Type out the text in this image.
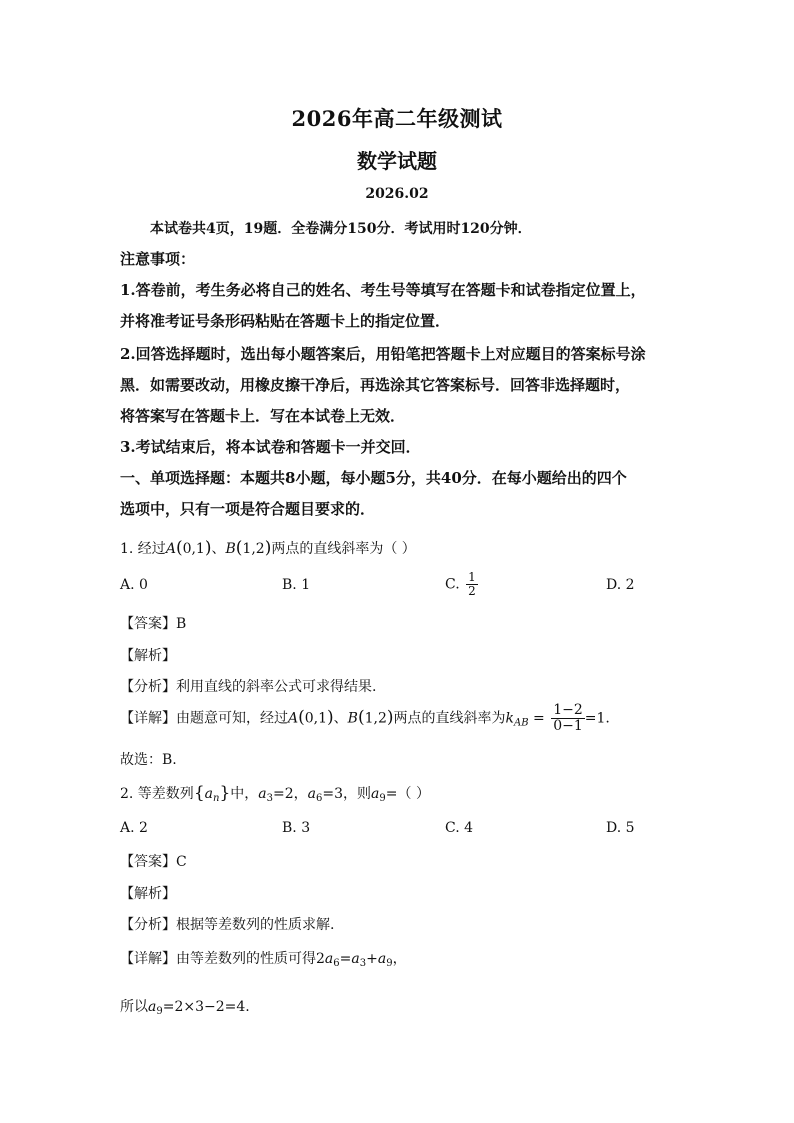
2026年高二年级测试
数学试题
2026.02
本试卷共4页，19题．全卷满分150分．考试用时120分钟．
注意事项：
1.答卷前，考生务必将自己的姓名、考生号等填写在答题卡和试卷指定位置上，
并将准考证号条形码粘贴在答题卡上的指定位置．
2.回答选择题时，选出每小题答案后，用铅笔把答题卡上对应题目的答案标号涂
黑．如需要改动，用橡皮擦干净后，再选涂其它答案标号．回答非选择题时，
将答案写在答题卡上．写在本试卷上无效．
3.考试结束后，将本试卷和答题卡一并交回．
一、单项选择题：本题共8小题，每小题5分，共40分．在每小题给出的四个
选项中，只有一项是符合题目要求的．
1. 经过A(0,1)、B(1,2)两点的直线斜率为（ ）
A. 0	B. 1	C. $\frac{1}{2}$	D. 2
【答案】B
【解析】
【分析】利用直线的斜率公式可求得结果.
【详解】由题意可知，经过A(0,1)、B(1,2)两点的直线斜率为$k_{AB} = \frac{1-2}{0-1} =1$.
故选：B.
2. 等差数列$\{a_n\}$中，$a_3=2$，$a_6=3$，则$a_9=$（ ）
A. 2	B. 3	C. 4	D. 5
【答案】C
【解析】
【分析】根据等差数列的性质求解.
【详解】由等差数列的性质可得$2a_6=a_3+a_9$，
所以$a_9=2\times 3-2=4$.
